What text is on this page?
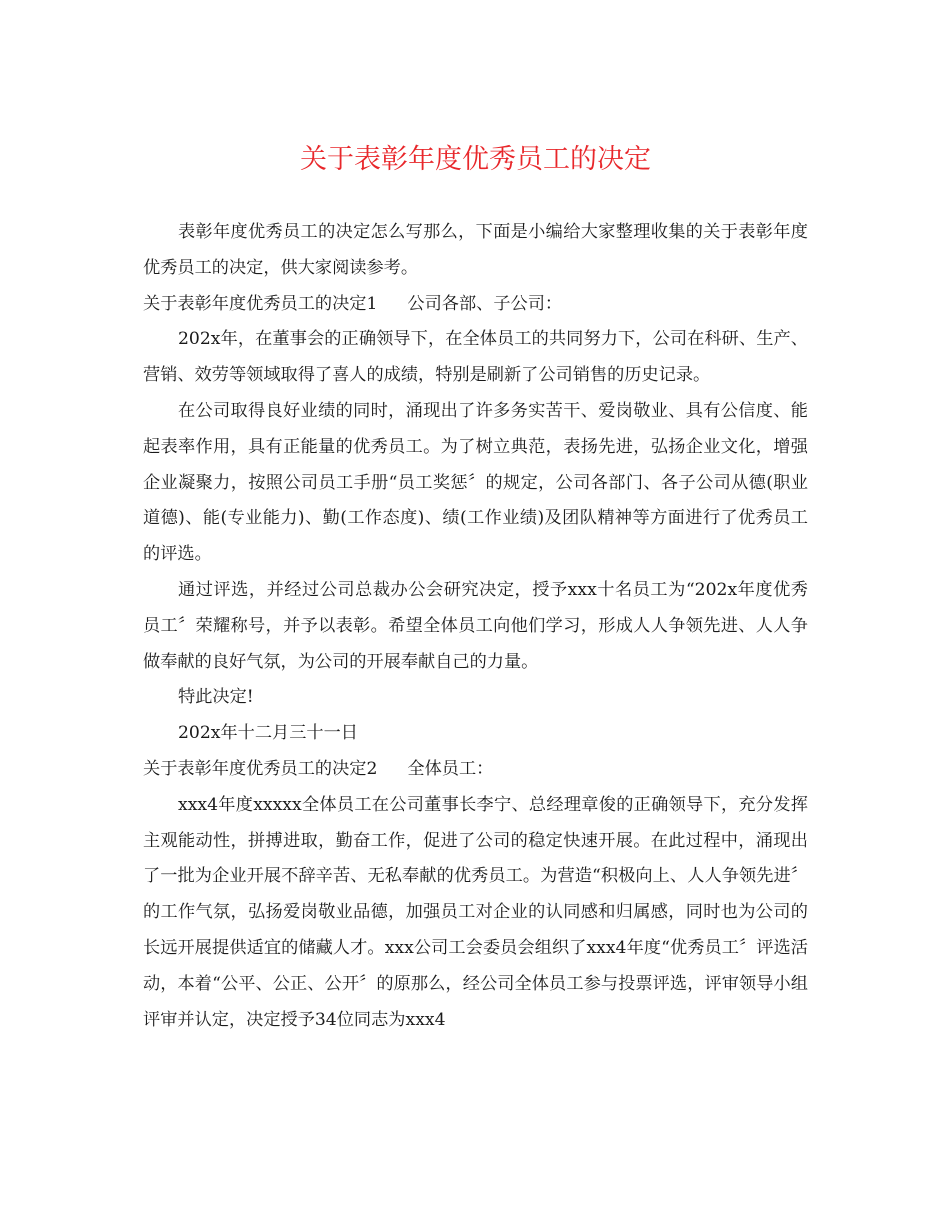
关于表彰年度优秀员工的决定

表彰年度优秀员工的决定怎么写那么，下面是小编给大家整理收集的关于表彰年度优秀员工的决定，供大家阅读参考。

关于表彰年度优秀员工的决定1 公司各部、子公司：

202x年，在董事会的正确领导下，在全体员工的共同努力下，公司在科研、生产、营销、效劳等领域取得了喜人的成绩，特别是刷新了公司销售的历史记录。

在公司取得良好业绩的同时，涌现出了许多务实苦干、爱岗敬业、具有公信度、能起表率作用，具有正能量的优秀员工。为了树立典范，表扬先进，弘扬企业文化，增强企业凝聚力，按照公司员工手册“员工奖惩〞的规定，公司各部门、各子公司从德(职业道德)、能(专业能力)、勤(工作态度)、绩(工作业绩)及团队精神等方面进行了优秀员工的评选。

通过评选，并经过公司总裁办公会研究决定，授予xxx十名员工为“202x年度优秀员工〞荣耀称号，并予以表彰。希望全体员工向他们学习，形成人人争领先进、人人争做奉献的良好气氛，为公司的开展奉献自己的力量。

特此决定!

202x年十二月三十一日

关于表彰年度优秀员工的决定2 全体员工：

xxx4年度xxxxx全体员工在公司董事长李宁、总经理章俊的正确领导下，充分发挥主观能动性，拼搏进取，勤奋工作，促进了公司的稳定快速开展。在此过程中，涌现出了一批为企业开展不辞辛苦、无私奉献的优秀员工。为营造“积极向上、人人争领先进〞的工作气氛，弘扬爱岗敬业品德，加强员工对企业的认同感和归属感，同时也为公司的长远开展提供适宜的储藏人才。xxx公司工会委员会组织了xxx4年度“优秀员工〞评选活动，本着“公平、公正、公开〞的原那么，经公司全体员工参与投票评选，评审领导小组评审并认定，决定授予34位同志为xxx4
